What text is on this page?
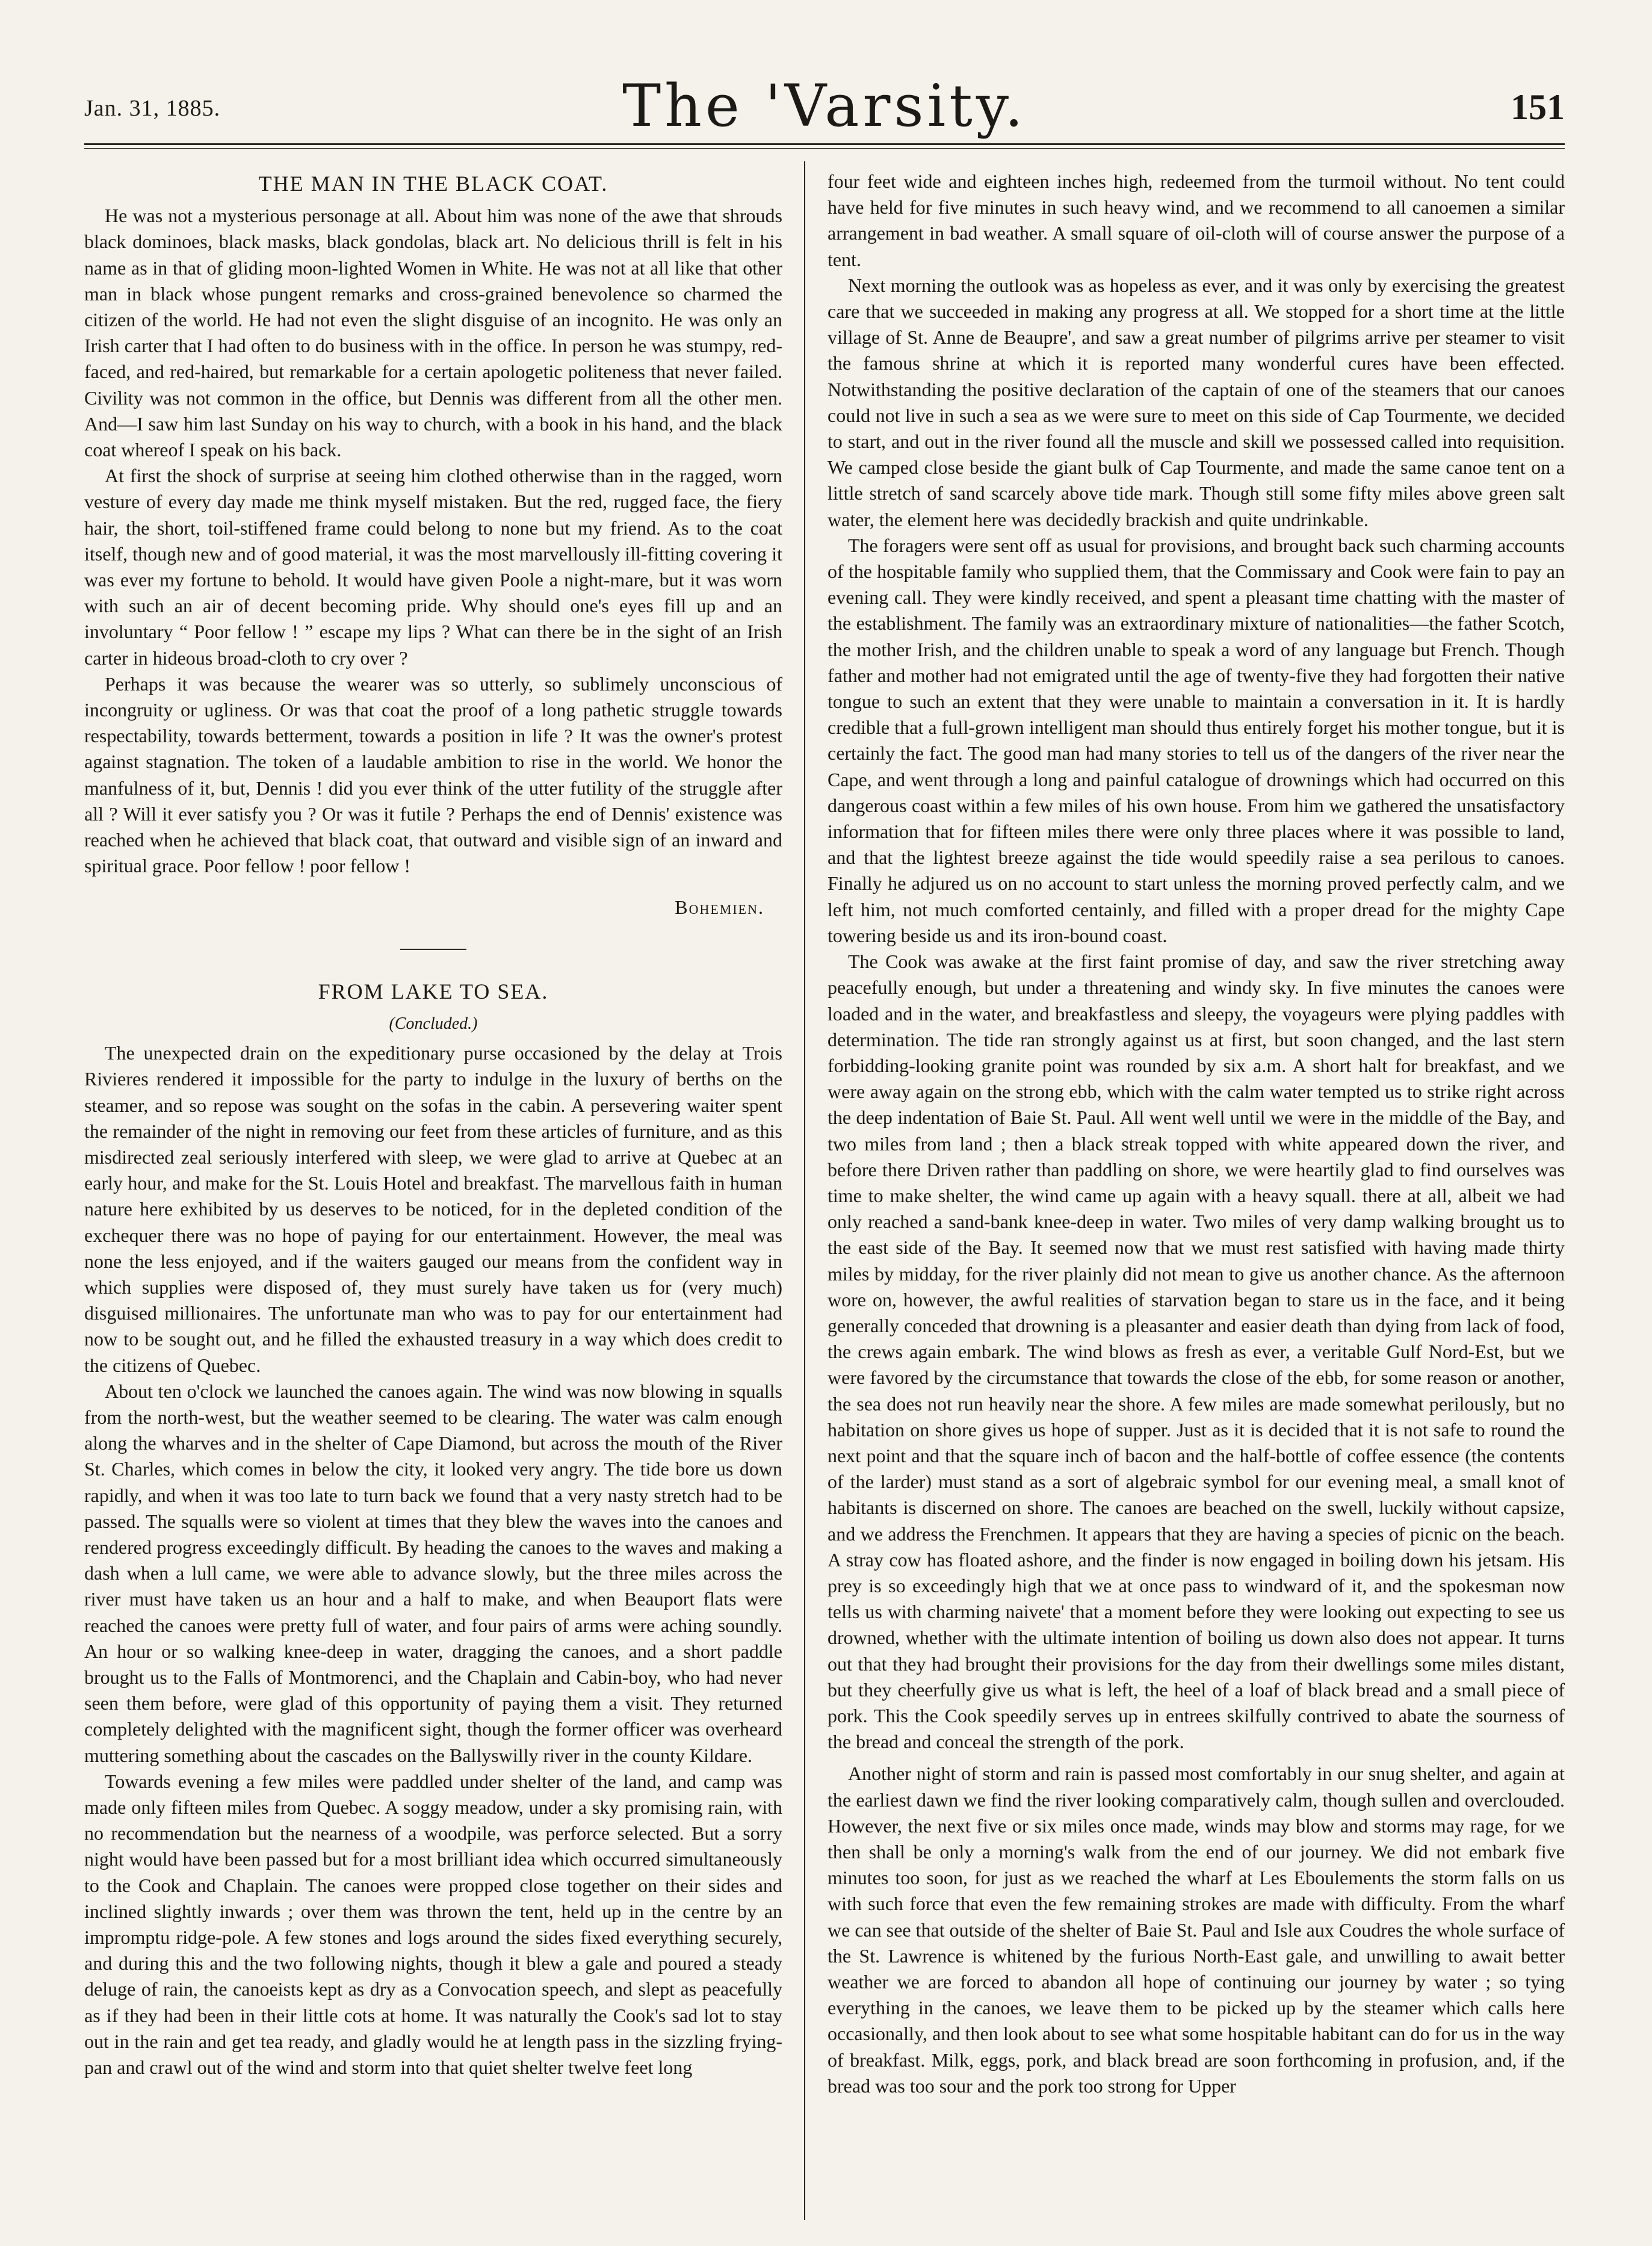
Jan. 31, 1885.	The 'Varsity.	151
THE MAN IN THE BLACK COAT.

He was not a mysterious personage at all. About him was none of the awe that shrouds black dominoes, black masks, black gondolas, black art. No delicious thrill is felt in his name as in that of gliding moon-lighted Women in White. He was not at all like that other man in black whose pungent remarks and cross-grained benevolence so charmed the citizen of the world. He had not even the slight disguise of an incognito. He was only an Irish carter that I had often to do business with in the office. In person he was stumpy, red-faced, and red-haired, but remarkable for a certain apologetic politeness that never failed. Civility was not common in the office, but Dennis was different from all the other men. And—I saw him last Sunday on his way to church, with a book in his hand, and the black coat whereof I speak on his back.

At first the shock of surprise at seeing him clothed otherwise than in the ragged, worn vesture of every day made me think myself mistaken. But the red, rugged face, the fiery hair, the short, toil-stiffened frame could belong to none but my friend. As to the coat itself, though new and of good material, it was the most marvellously ill-fitting covering it was ever my fortune to behold. It would have given Poole a night-mare, but it was worn with such an air of decent becoming pride. Why should one's eyes fill up and an involuntary “ Poor fellow ! ” escape my lips ? What can there be in the sight of an Irish carter in hideous broad-cloth to cry over ?

Perhaps it was because the wearer was so utterly, so sublimely unconscious of incongruity or ugliness. Or was that coat the proof of a long pathetic struggle towards respectability, towards betterment, towards a position in life ? It was the owner's protest against stagnation. The token of a laudable ambition to rise in the world. We honor the manfulness of it, but, Dennis ! did you ever think of the utter futility of the struggle after all ? Will it ever satisfy you ? Or was it futile ? Perhaps the end of Dennis' existence was reached when he achieved that black coat, that outward and visible sign of an inward and spiritual grace. Poor fellow ! poor fellow !

Bohemien.
FROM LAKE TO SEA.
(Concluded.)

The unexpected drain on the expeditionary purse occasioned by the delay at Trois Rivieres rendered it impossible for the party to indulge in the luxury of berths on the steamer, and so repose was sought on the sofas in the cabin. A persevering waiter spent the remainder of the night in removing our feet from these articles of furniture, and as this misdirected zeal seriously interfered with sleep, we were glad to arrive at Quebec at an early hour, and make for the St. Louis Hotel and breakfast. The marvellous faith in human nature here exhibited by us deserves to be noticed, for in the depleted condition of the exchequer there was no hope of paying for our entertainment. However, the meal was none the less enjoyed, and if the waiters gauged our means from the confident way in which supplies were disposed of, they must surely have taken us for (very much) disguised millionaires. The unfortunate man who was to pay for our entertainment had now to be sought out, and he filled the exhausted treasury in a way which does credit to the citizens of Quebec.

About ten o'clock we launched the canoes again. The wind was now blowing in squalls from the north-west, but the weather seemed to be clearing. The water was calm enough along the wharves and in the shelter of Cape Diamond, but across the mouth of the River St. Charles, which comes in below the city, it looked very angry. The tide bore us down rapidly, and when it was too late to turn back we found that a very nasty stretch had to be passed. The squalls were so violent at times that they blew the waves into the canoes and rendered progress exceedingly difficult. By heading the canoes to the waves and making a dash when a lull came, we were able to advance slowly, but the three miles across the river must have taken us an hour and a half to make, and when Beauport flats were reached the canoes were pretty full of water, and four pairs of arms were aching soundly. An hour or so walking knee-deep in water, dragging the canoes, and a short paddle brought us to the Falls of Montmorenci, and the Chaplain and Cabin-boy, who had never seen them before, were glad of this opportunity of paying them a visit. They returned completely delighted with the magnificent sight, though the former officer was overheard muttering something about the cascades on the Ballyswilly river in the county Kildare.

Towards evening a few miles were paddled under shelter of the land, and camp was made only fifteen miles from Quebec. A soggy meadow, under a sky promising rain, with no recommendation but the nearness of a woodpile, was perforce selected. But a sorry night would have been passed but for a most brilliant idea which occurred simultaneously to the Cook and Chaplain. The canoes were propped close together on their sides and inclined slightly inwards ; over them was thrown the tent, held up in the centre by an impromptu ridge-pole. A few stones and logs around the sides fixed everything securely, and during this and the two following nights, though it blew a gale and poured a steady deluge of rain, the canoeists kept as dry as a Convocation speech, and slept as peacefully as if they had been in their little cots at home. It was naturally the Cook's sad lot to stay out in the rain and get tea ready, and gladly would he at length pass in the sizzling frying-pan and crawl out of the wind and storm into that quiet shelter twelve feet long

four feet wide and eighteen inches high, redeemed from the turmoil without. No tent could have held for five minutes in such heavy wind, and we recommend to all canoemen a similar arrangement in bad weather. A small square of oil-cloth will of course answer the purpose of a tent.

Next morning the outlook was as hopeless as ever, and it was only by exercising the greatest care that we succeeded in making any progress at all. We stopped for a short time at the little village of St. Anne de Beaupre', and saw a great number of pilgrims arrive per steamer to visit the famous shrine at which it is reported many wonderful cures have been effected. Notwithstanding the positive declaration of the captain of one of the steamers that our canoes could not live in such a sea as we were sure to meet on this side of Cap Tourmente, we decided to start, and out in the river found all the muscle and skill we possessed called into requisition. We camped close beside the giant bulk of Cap Tourmente, and made the same canoe tent on a little stretch of sand scarcely above tide mark. Though still some fifty miles above green salt water, the element here was decidedly brackish and quite undrinkable.

The foragers were sent off as usual for provisions, and brought back such charming accounts of the hospitable family who supplied them, that the Commissary and Cook were fain to pay an evening call. They were kindly received, and spent a pleasant time chatting with the master of the establishment. The family was an extraordinary mixture of nationalities—the father Scotch, the mother Irish, and the children unable to speak a word of any language but French. Though father and mother had not emigrated until the age of twenty-five they had forgotten their native tongue to such an extent that they were unable to maintain a conversation in it. It is hardly credible that a full-grown intelligent man should thus entirely forget his mother tongue, but it is certainly the fact. The good man had many stories to tell us of the dangers of the river near the Cape, and went through a long and painful catalogue of drownings which had occurred on this dangerous coast within a few miles of his own house. From him we gathered the unsatisfactory information that for fifteen miles there were only three places where it was possible to land, and that the lightest breeze against the tide would speedily raise a sea perilous to canoes. Finally he adjured us on no account to start unless the morning proved perfectly calm, and we left him, not much comforted centainly, and filled with a proper dread for the mighty Cape towering beside us and its iron-bound coast.

The Cook was awake at the first faint promise of day, and saw the river stretching away peacefully enough, but under a threatening and windy sky. In five minutes the canoes were loaded and in the water, and breakfastless and sleepy, the voyageurs were plying paddles with determination. The tide ran strongly against us at first, but soon changed, and the last stern forbidding-looking granite point was rounded by six a.m. A short halt for breakfast, and we were away again on the strong ebb, which with the calm water tempted us to strike right across the deep indentation of Baie St. Paul. All went well until we were in the middle of the Bay, and two miles from land ; then a black streak topped with white appeared down the river, and before there Driven rather than paddling on shore, we were heartily glad to find ourselves was time to make shelter, the wind came up again with a heavy squall. there at all, albeit we had only reached a sand-bank knee-deep in water. Two miles of very damp walking brought us to the east side of the Bay. It seemed now that we must rest satisfied with having made thirty miles by midday, for the river plainly did not mean to give us another chance. As the afternoon wore on, however, the awful realities of starvation began to stare us in the face, and it being generally conceded that drowning is a pleasanter and easier death than dying from lack of food, the crews again embark. The wind blows as fresh as ever, a veritable Gulf Nord-Est, but we were favored by the circumstance that towards the close of the ebb, for some reason or another, the sea does not run heavily near the shore. A few miles are made somewhat perilously, but no habitation on shore gives us hope of supper. Just as it is decided that it is not safe to round the next point and that the square inch of bacon and the half-bottle of coffee essence (the contents of the larder) must stand as a sort of algebraic symbol for our evening meal, a small knot of habitants is discerned on shore. The canoes are beached on the swell, luckily without capsize, and we address the Frenchmen. It appears that they are having a species of picnic on the beach. A stray cow has floated ashore, and the finder is now engaged in boiling down his jetsam. His prey is so exceedingly high that we at once pass to windward of it, and the spokesman now tells us with charming naivete' that a moment before they were looking out expecting to see us drowned, whether with the ultimate intention of boiling us down also does not appear. It turns out that they had brought their provisions for the day from their dwellings some miles distant, but they cheerfully give us what is left, the heel of a loaf of black bread and a small piece of pork. This the Cook speedily serves up in entrees skilfully contrived to abate the sourness of the bread and conceal the strength of the pork.

Another night of storm and rain is passed most comfortably in our snug shelter, and again at the earliest dawn we find the river looking comparatively calm, though sullen and overclouded. However, the next five or six miles once made, winds may blow and storms may rage, for we then shall be only a morning's walk from the end of our journey. We did not embark five minutes too soon, for just as we reached the wharf at Les Eboulements the storm falls on us with such force that even the few remaining strokes are made with difficulty. From the wharf we can see that outside of the shelter of Baie St. Paul and Isle aux Coudres the whole surface of the St. Lawrence is whitened by the furious North-East gale, and unwilling to await better weather we are forced to abandon all hope of continuing our journey by water ; so tying everything in the canoes, we leave them to be picked up by the steamer which calls here occasionally, and then look about to see what some hospitable habitant can do for us in the way of breakfast. Milk, eggs, pork, and black bread are soon forthcoming in profusion, and, if the bread was too sour and the pork too strong for Upper
